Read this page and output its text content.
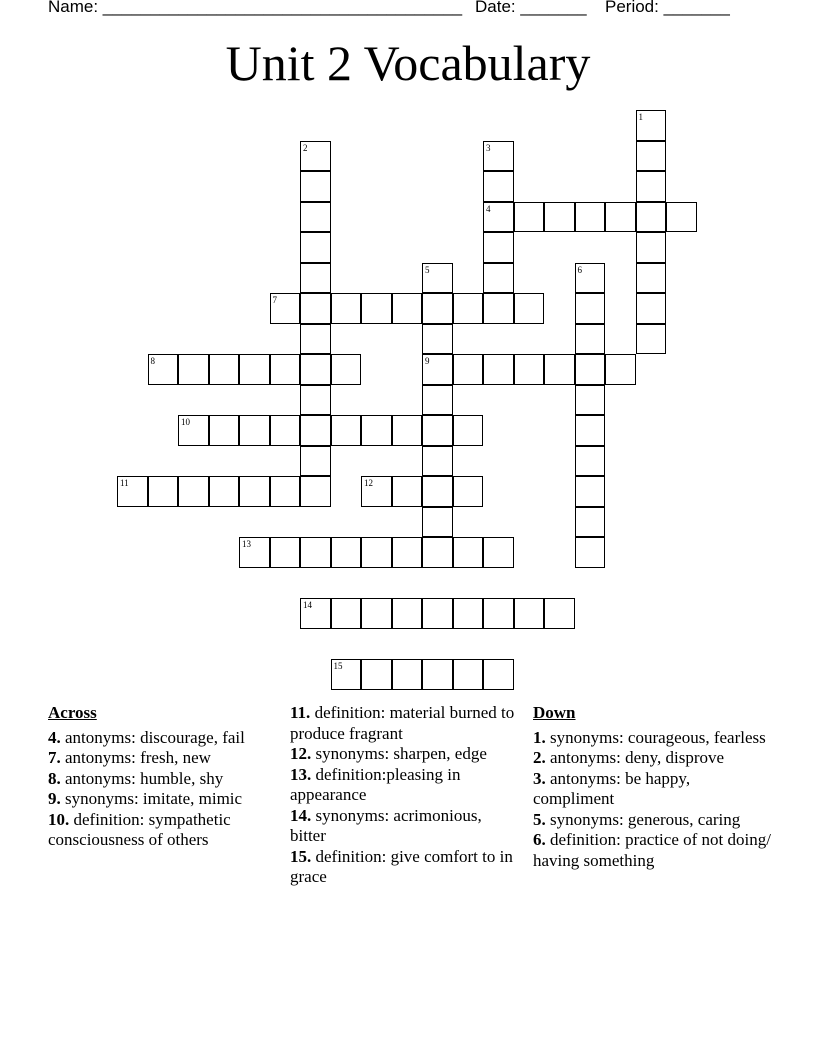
Name: ______________________________________ Date: _______ Period: _______
Unit 2 Vocabulary
1
2	3
4
5
9
6
7
8
10
11	12
13
14
15
Across
4. antonyms: discourage, fail
7. antonyms: fresh, new
8. antonyms: humble, shy
9. synonyms: imitate, mimic
10. definition: sympathetic consciousness of others
11. definition: material burned to produce fragrant
12. synonyms: sharpen, edge
13. definition:pleasing in appearance
14. synonyms: acrimonious, bitter
15. definition: give comfort to in grace
Down
1. synonyms: courageous, fearless
2. antonyms: deny, disprove
3. antonyms: be happy, compliment
5. synonyms: generous, caring
6. definition: practice of not doing/ having something
